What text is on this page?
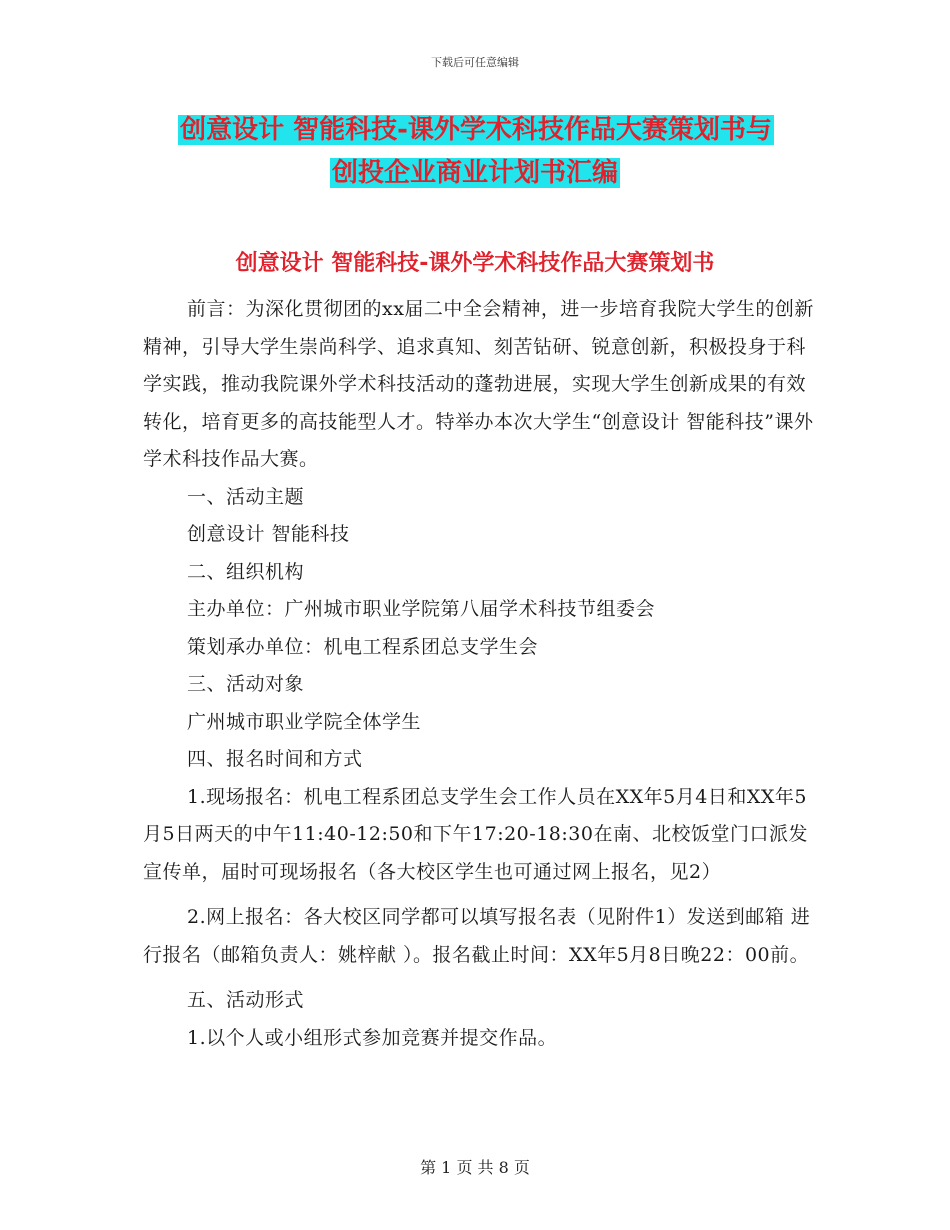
下载后可任意编辑
创意设计 智能科技-课外学术科技作品大赛策划书与
创投企业商业计划书汇编
创意设计 智能科技-课外学术科技作品大赛策划书

前言：为深化贯彻团的xx届二中全会精神，进一步培育我院大学生的创新精神，引导大学生崇尚科学、追求真知、刻苦钻研、锐意创新，积极投身于科学实践，推动我院课外学术科技活动的蓬勃进展，实现大学生创新成果的有效转化，培育更多的高技能型人才。特举办本次大学生“创意设计 智能科技”课外学术科技作品大赛。

一、活动主题

创意设计 智能科技

二、组织机构

主办单位：广州城市职业学院第八届学术科技节组委会

策划承办单位：机电工程系团总支学生会

三、活动对象

广州城市职业学院全体学生

四、报名时间和方式

1.现场报名：机电工程系团总支学生会工作人员在XX年5月4日和XX年5月5日两天的中午11:40-12:50和下午17:20-18:30在南、北校饭堂门口派发宣传单，届时可现场报名（各大校区学生也可通过网上报名，见2）

2.网上报名：各大校区同学都可以填写报名表（见附件1）发送到邮箱 进行报名（邮箱负责人：姚梓献 ）。报名截止时间：XX年5月8日晚22：00前。

五、活动形式

1.以个人或小组形式参加竞赛并提交作品。

第 1 页 共 8 页
